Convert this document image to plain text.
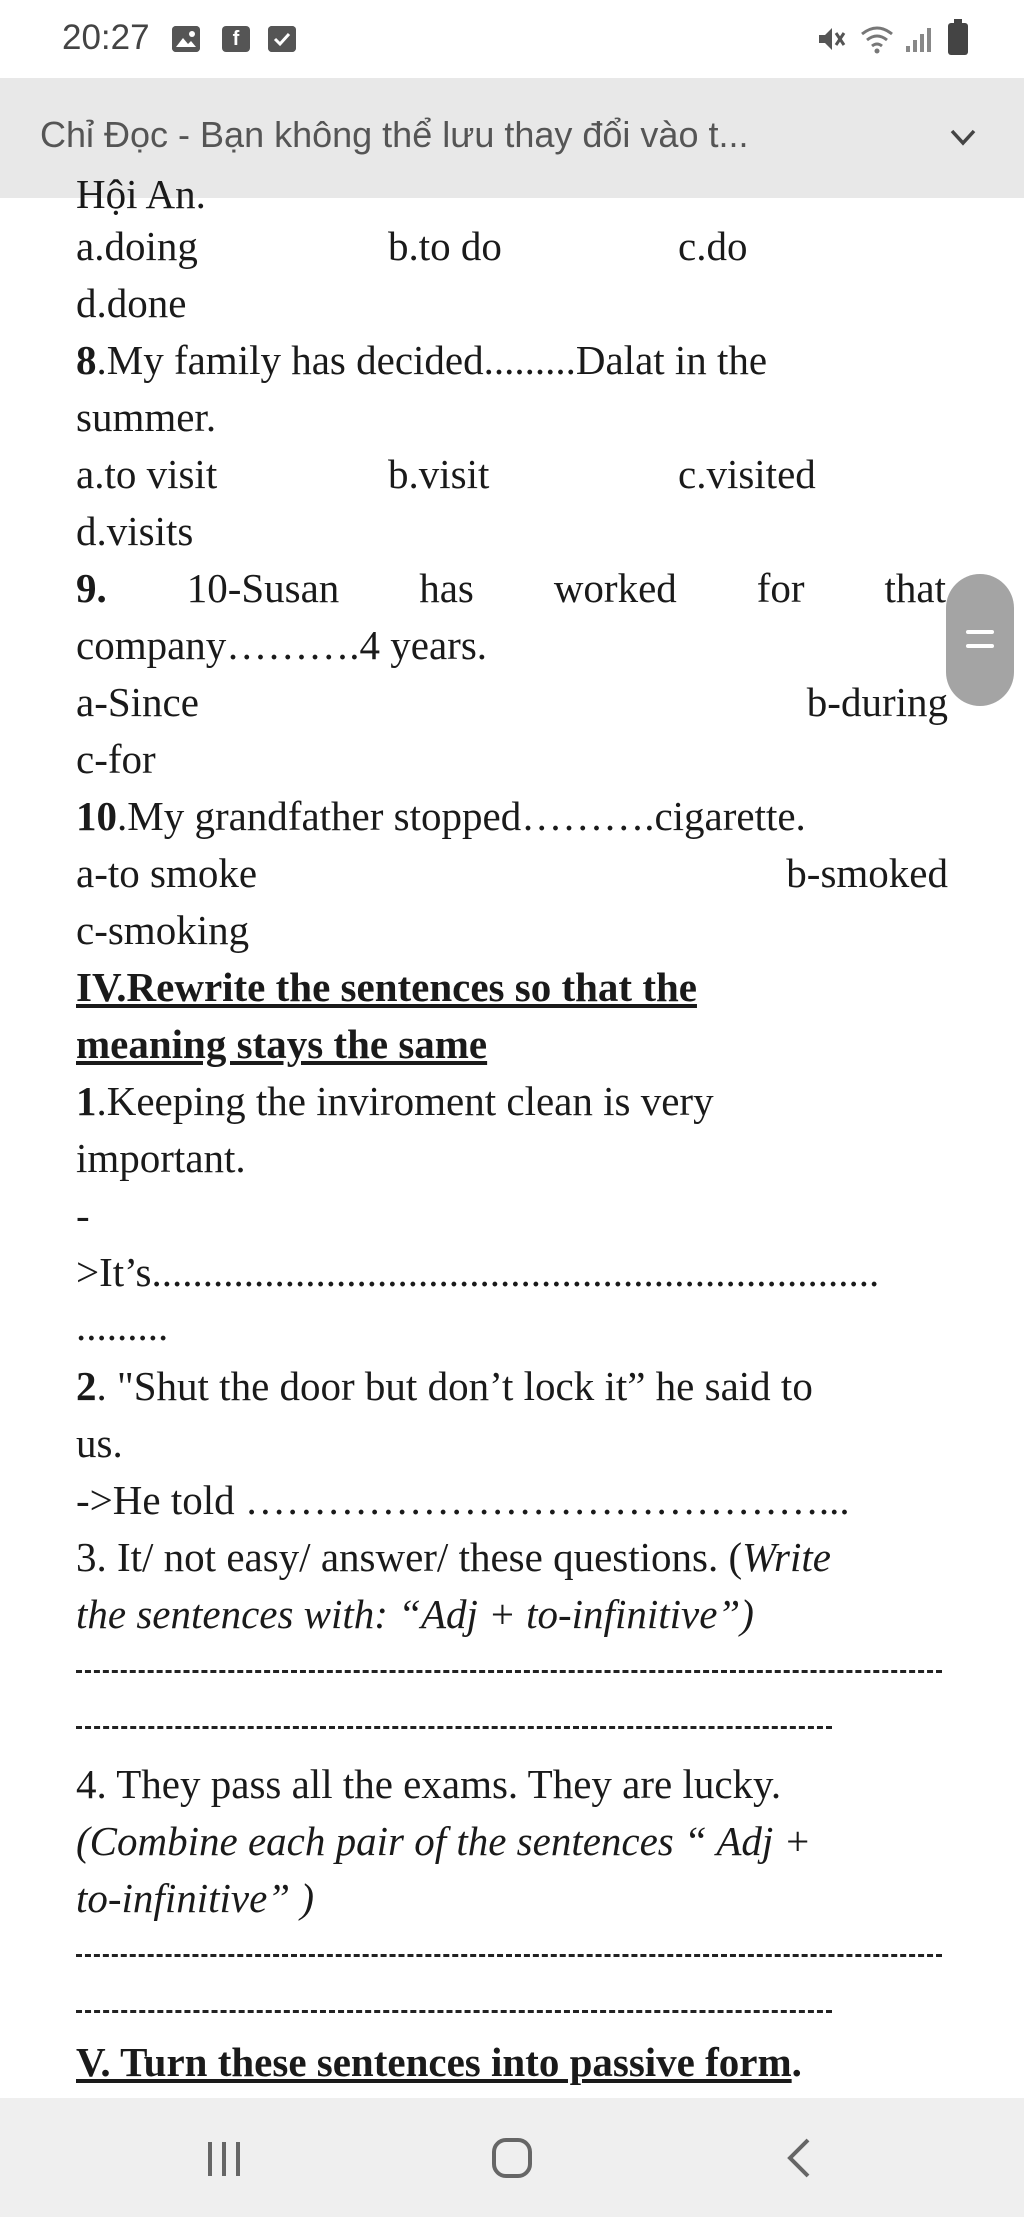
20:27	f
Chỉ Đọc - Bạn không thể lưu thay đổi vào t...
Hội An.
a.doing	b.to do	c.do
d.done
8.My family has decided.........Dalat in the
summer.
a.to visit	b.visit	c.visited
d.visits
9. 10-Susan has worked for that
company……….4 years.
a-Since	b-during
c-for
10.My grandfather stopped……….cigarette.
a-to smoke	b-smoked
c-smoking
IV.Rewrite the sentences so that the
meaning stays the same
1.Keeping the inviroment clean is very
important.
-
>It’s.......................................................................
.........
2. "Shut the door but don’t lock it” he said to
us.
->He told ……………………………………...
3. It/ not easy/ answer/ these questions. (Write
the sentences with: “Adj + to-infinitive”)
4. They pass all the exams. They are lucky.
(Combine each pair of the sentences “ Adj +
to-infinitive” )
V. Turn these sentences into passive form.
